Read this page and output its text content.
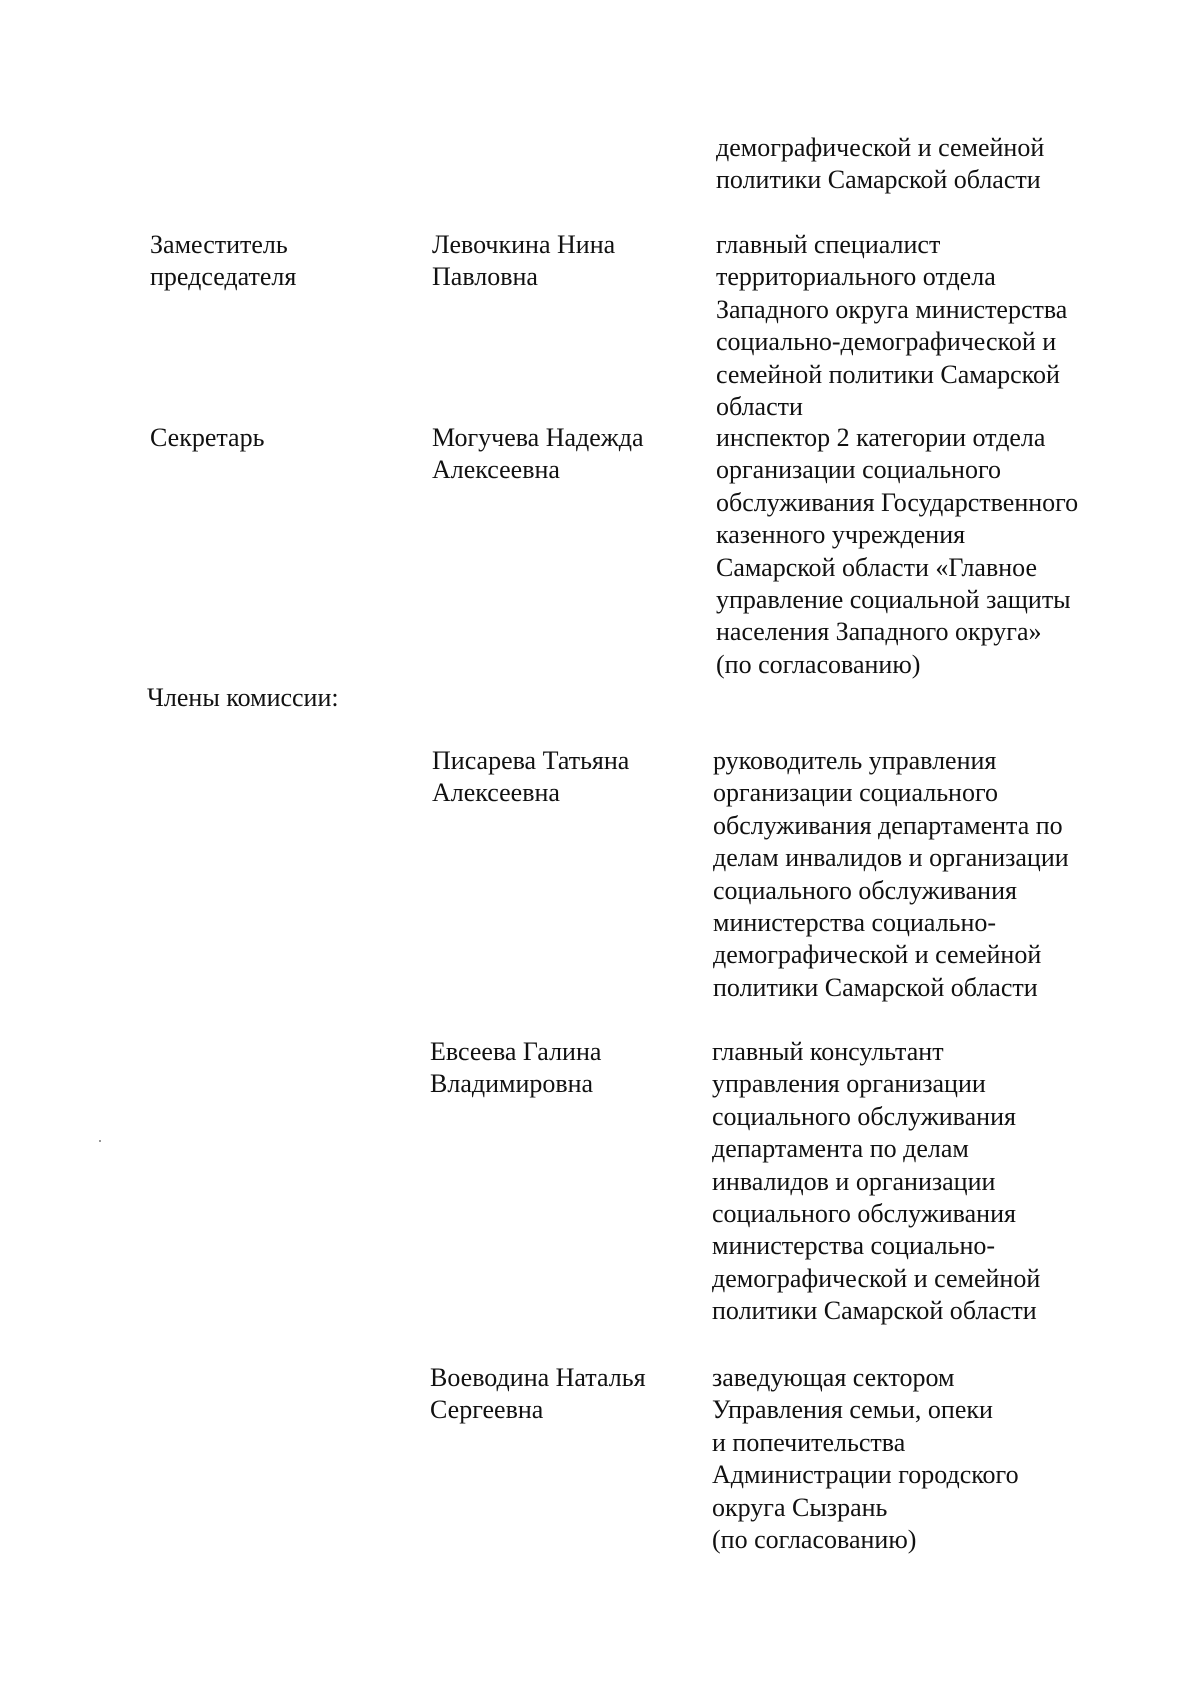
демографической и семейной
политики Самарской области

Заместитель
председателя

Левочкина Нина
Павловна

главный специалист
территориального отдела
Западного округа министерства
социально-демографической и
семейной политики Самарской
области

Секретарь	Могучева Надежда
Алексеевна

инспектор 2 категории отдела
организации социального
обслуживания Государственного
казенного учреждения
Самарской области «Главное
управление социальной защиты
населения Западного округа»
(по согласованию)

Члены комиссии:

Писарева Татьяна
Алексеевна

руководитель управления
организации социального
обслуживания департамента по
делам инвалидов и организации
социального обслуживания
министерства социально-
демографической и семейной
политики Самарской области

Евсеева Галина
Владимировна

главный консультант
управления организации
социального обслуживания
департамента по делам
инвалидов и организации
социального обслуживания
министерства социально-
демографической и семейной
политики Самарской области

Воеводина Наталья
Сергеевна

заведующая сектором
Управления семьи, опеки
и попечительства
Администрации городского
округа Сызрань
(по согласованию)
